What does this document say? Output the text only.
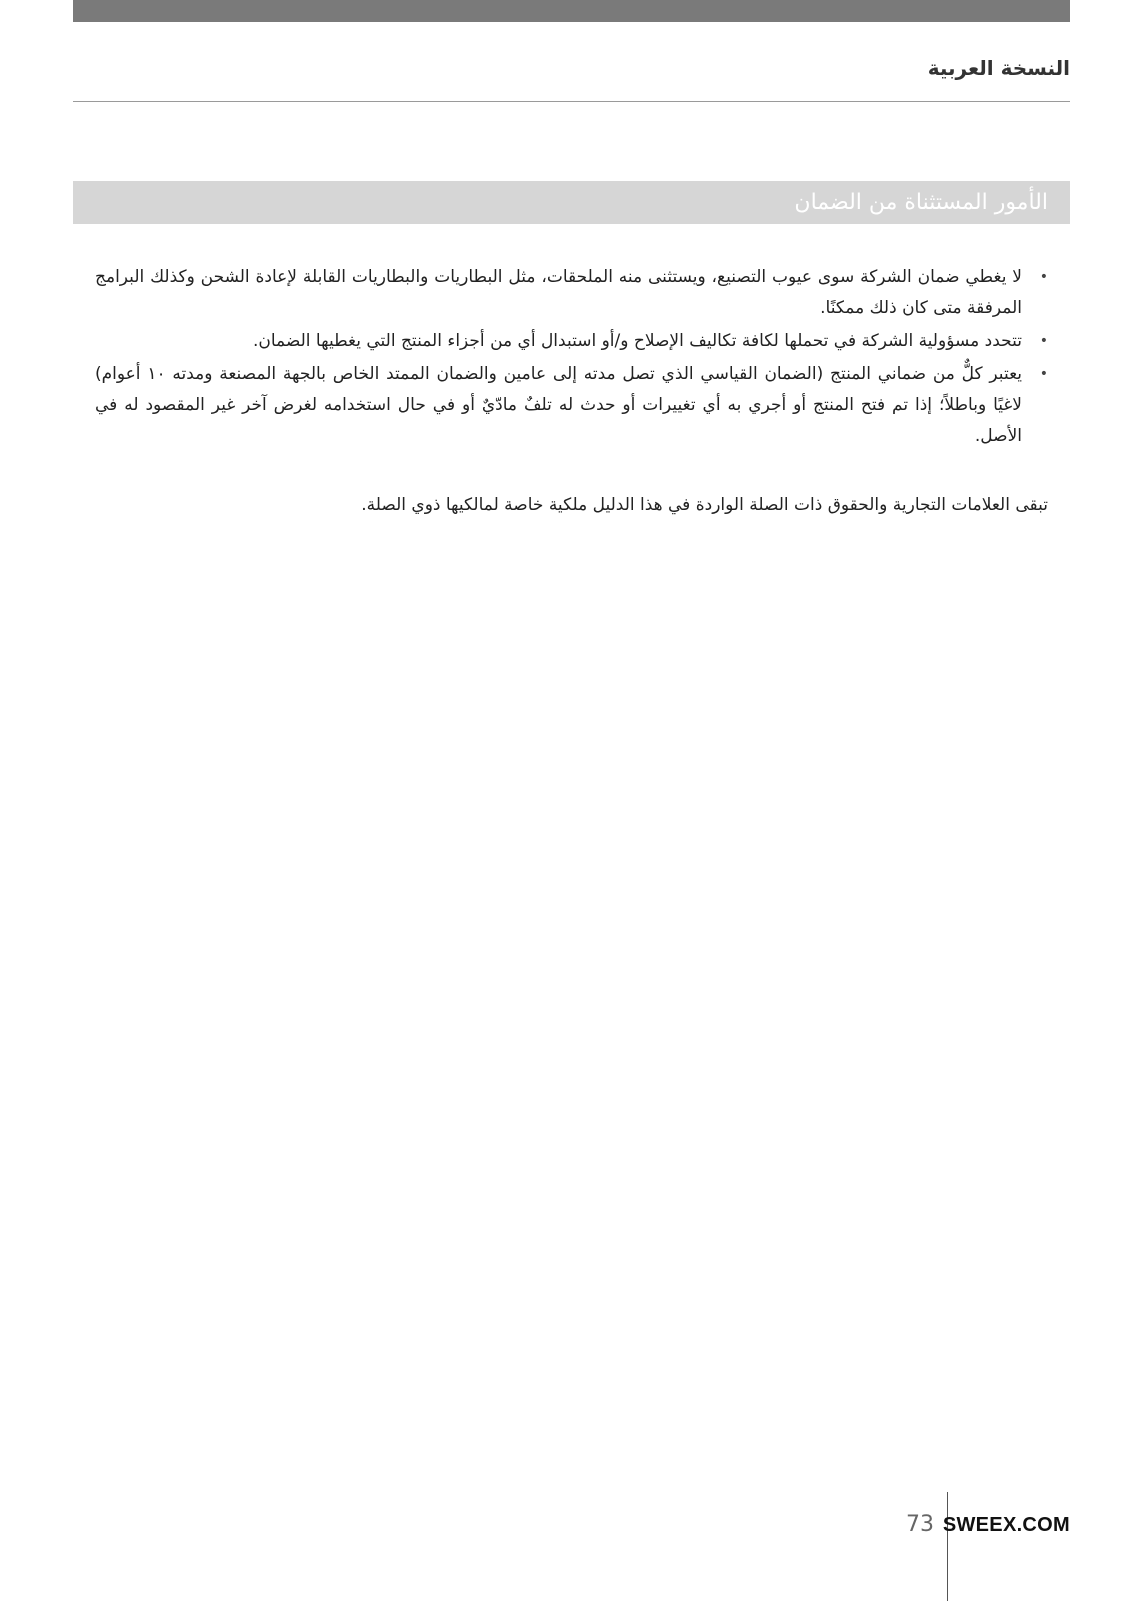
النسخة العربية
الأمور المستثناة من الضمان
•
لا يغطي ضمان الشركة سوى عيوب التصنيع، ويستثنى منه الملحقات، مثل البطاريات والبطاريات القابلة لإعادة الشحن وكذلك البرامج المرفقة متى كان ذلك ممكنًا.
•
تتحدد مسؤولية الشركة في تحملها لكافة تكاليف الإصلاح و/أو استبدال أي من أجزاء المنتج التي يغطيها الضمان.
•
يعتبر كلٌّ من ضماني المنتج (الضمان القياسي الذي تصل مدته إلى عامين والضمان الممتد الخاص بالجهة المصنعة ومدته ١٠ أعوام) لاغيًا وباطلاً؛ إذا تم فتح المنتج أو أجري به أي تغييرات أو حدث له تلفٌ مادّيٌ أو في حال استخدامه لغرض آخر غير المقصود له في الأصل.

تبقى العلامات التجارية والحقوق ذات الصلة الواردة في هذا الدليل ملكية خاصة لمالكيها ذوي الصلة.

73 SWEEX.COM
